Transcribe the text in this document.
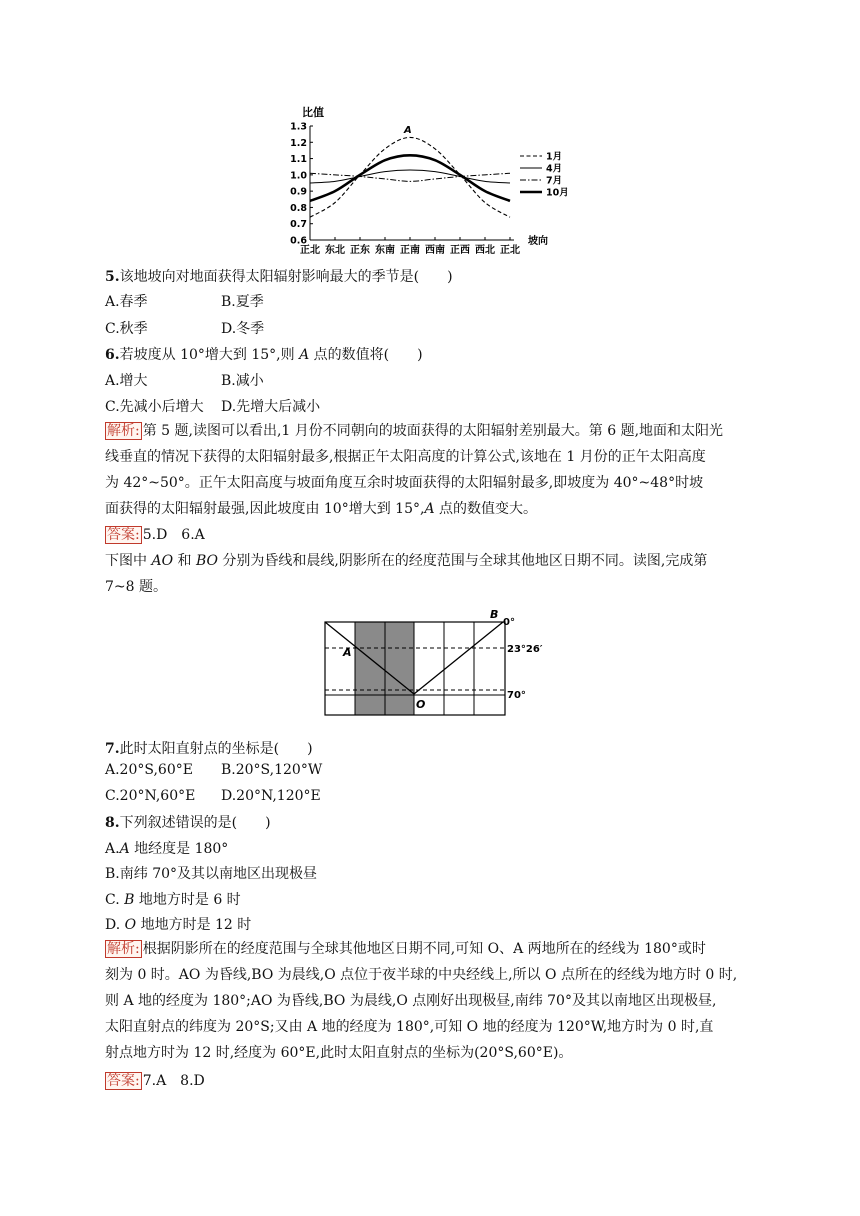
比值
1.3
1.2
1.1
1.0
0.9
0.8
0.7
0.6
正北 东北 正东 东南 正南 西南 正西 西北 正北
A
1月
4月
7月
10月
坡向
5.该地坡向对地面获得太阳辐射影响最大的季节是(　　)
A.春季	B.夏季
C.秋季	D.冬季
6.若坡度从 10°增大到 15°,则 A 点的数值将(　　)
A.增大	B.减小
C.先减小后增大 D.先增大后减小
解析: 第 5 题,读图可以看出,1 月份不同朝向的坡面获得的太阳辐射差别最大。第 6 题,地面和太阳光
线垂直的情况下获得的太阳辐射最多,根据正午太阳高度的计算公式,该地在 1 月份的正午太阳高度
为 42°~50°。正午太阳高度与坡面角度互余时坡面获得的太阳辐射最多,即坡度为 40°~48°时坡
面获得的太阳辐射最强,因此坡度由 10°增大到 15°,A 点的数值变大。
答案: 5.D　6.A
下图中 AO 和 BO 分别为昏线和晨线,阴影所在的经度范围与全球其他地区日期不同。读图,完成第
7~8 题。
A
B
O
0°
23°26′
70°
7.此时太阳直射点的坐标是(　　)
A.20°S,60°E B.20°S,120°W
C.20°N,60°E D.20°N,120°E
8.下列叙述错误的是(　　)
A.A 地经度是 180°
B.南纬 70°及其以南地区出现极昼
C. B 地地方时是 6 时
D. O 地地方时是 12 时
解析: 根据阴影所在的经度范围与全球其他地区日期不同,可知 O、A 两地所在的经线为 180°或时
刻为 0 时。AO 为昏线,BO 为晨线,O 点位于夜半球的中央经线上,所以 O 点所在的经线为地方时 0 时,
则 A 地的经度为 180°;AO 为昏线,BO 为晨线,O 点刚好出现极昼,南纬 70°及其以南地区出现极昼,
太阳直射点的纬度为 20°S;又由 A 地的经度为 180°,可知 O 地的经度为 120°W,地方时为 0 时,直
射点地方时为 12 时,经度为 60°E,此时太阳直射点的坐标为(20°S,60°E)。
答案: 7.A　8.D
